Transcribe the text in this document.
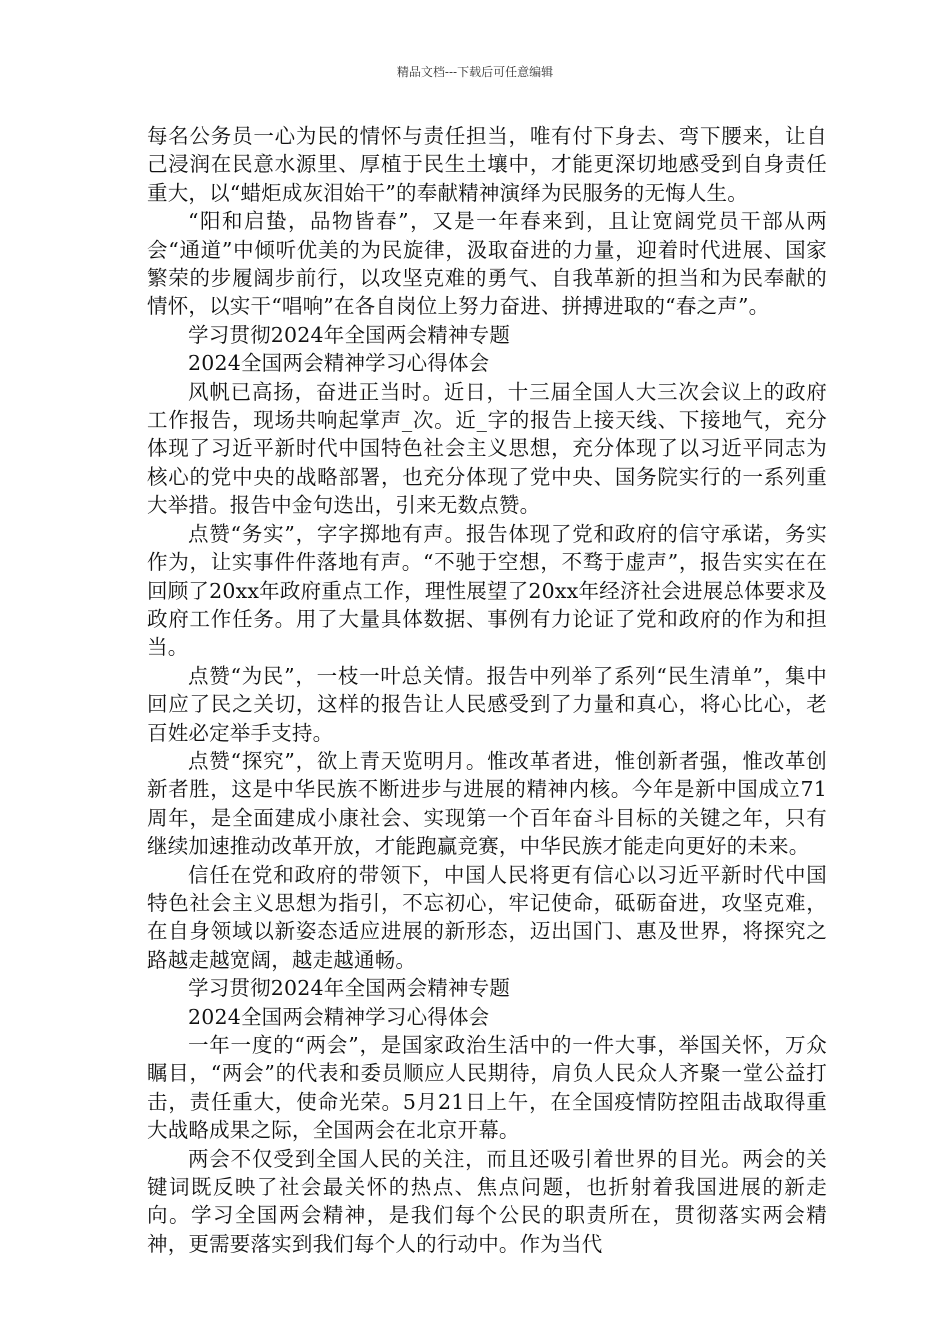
精品文档---下载后可任意编辑

每名公务员一心为民的情怀与责任担当，唯有付下身去、弯下腰来，让自己浸润在民意水源里、厚植于民生土壤中，才能更深切地感受到自身责任重大，以“蜡炬成灰泪始干”的奉献精神演绎为民服务的无悔人生。

“阳和启蛰，品物皆春”，又是一年春来到，且让宽阔党员干部从两会“通道”中倾听优美的为民旋律，汲取奋进的力量，迎着时代进展、国家繁荣的步履阔步前行，以攻坚克难的勇气、自我革新的担当和为民奉献的情怀，以实干“唱响”在各自岗位上努力奋进、拼搏进取的“春之声”。

学习贯彻2024年全国两会精神专题

2024全国两会精神学习心得体会

风帆已高扬，奋进正当时。近日，十三届全国人大三次会议上的政府工作报告，现场共响起掌声_次。近_字的报告上接天线、下接地气，充分体现了习近平新时代中国特色社会主义思想，充分体现了以习近平同志为核心的党中央的战略部署，也充分体现了党中央、国务院实行的一系列重大举措。报告中金句迭出，引来无数点赞。

点赞“务实”，字字掷地有声。报告体现了党和政府的信守承诺，务实作为，让实事件件落地有声。“不驰于空想，不骛于虚声”，报告实实在在回顾了20xx年政府重点工作，理性展望了20xx年经济社会进展总体要求及政府工作任务。用了大量具体数据、事例有力论证了党和政府的作为和担当。

点赞“为民”，一枝一叶总关情。报告中列举了系列“民生清单”，集中回应了民之关切，这样的报告让人民感受到了力量和真心，将心比心，老百姓必定举手支持。

点赞“探究”，欲上青天览明月。惟改革者进，惟创新者强，惟改革创新者胜，这是中华民族不断进步与进展的精神内核。今年是新中国成立71周年，是全面建成小康社会、实现第一个百年奋斗目标的关键之年，只有继续加速推动改革开放，才能跑赢竞赛，中华民族才能走向更好的未来。

信任在党和政府的带领下，中国人民将更有信心以习近平新时代中国特色社会主义思想为指引，不忘初心，牢记使命，砥砺奋进，攻坚克难，在自身领域以新姿态适应进展的新形态，迈出国门、惠及世界，将探究之路越走越宽阔，越走越通畅。

学习贯彻2024年全国两会精神专题

2024全国两会精神学习心得体会

一年一度的“两会”，是国家政治生活中的一件大事，举国关怀，万众瞩目，“两会”的代表和委员顺应人民期待，肩负人民众人齐聚一堂公益打击，责任重大，使命光荣。5月21日上午，在全国疫情防控阻击战取得重大战略成果之际，全国两会在北京开幕。

两会不仅受到全国人民的关注，而且还吸引着世界的目光。两会的关键词既反映了社会最关怀的热点、焦点问题，也折射着我国进展的新走向。学习全国两会精神，是我们每个公民的职责所在，贯彻落实两会精神，更需要落实到我们每个人的行动中。作为当代
